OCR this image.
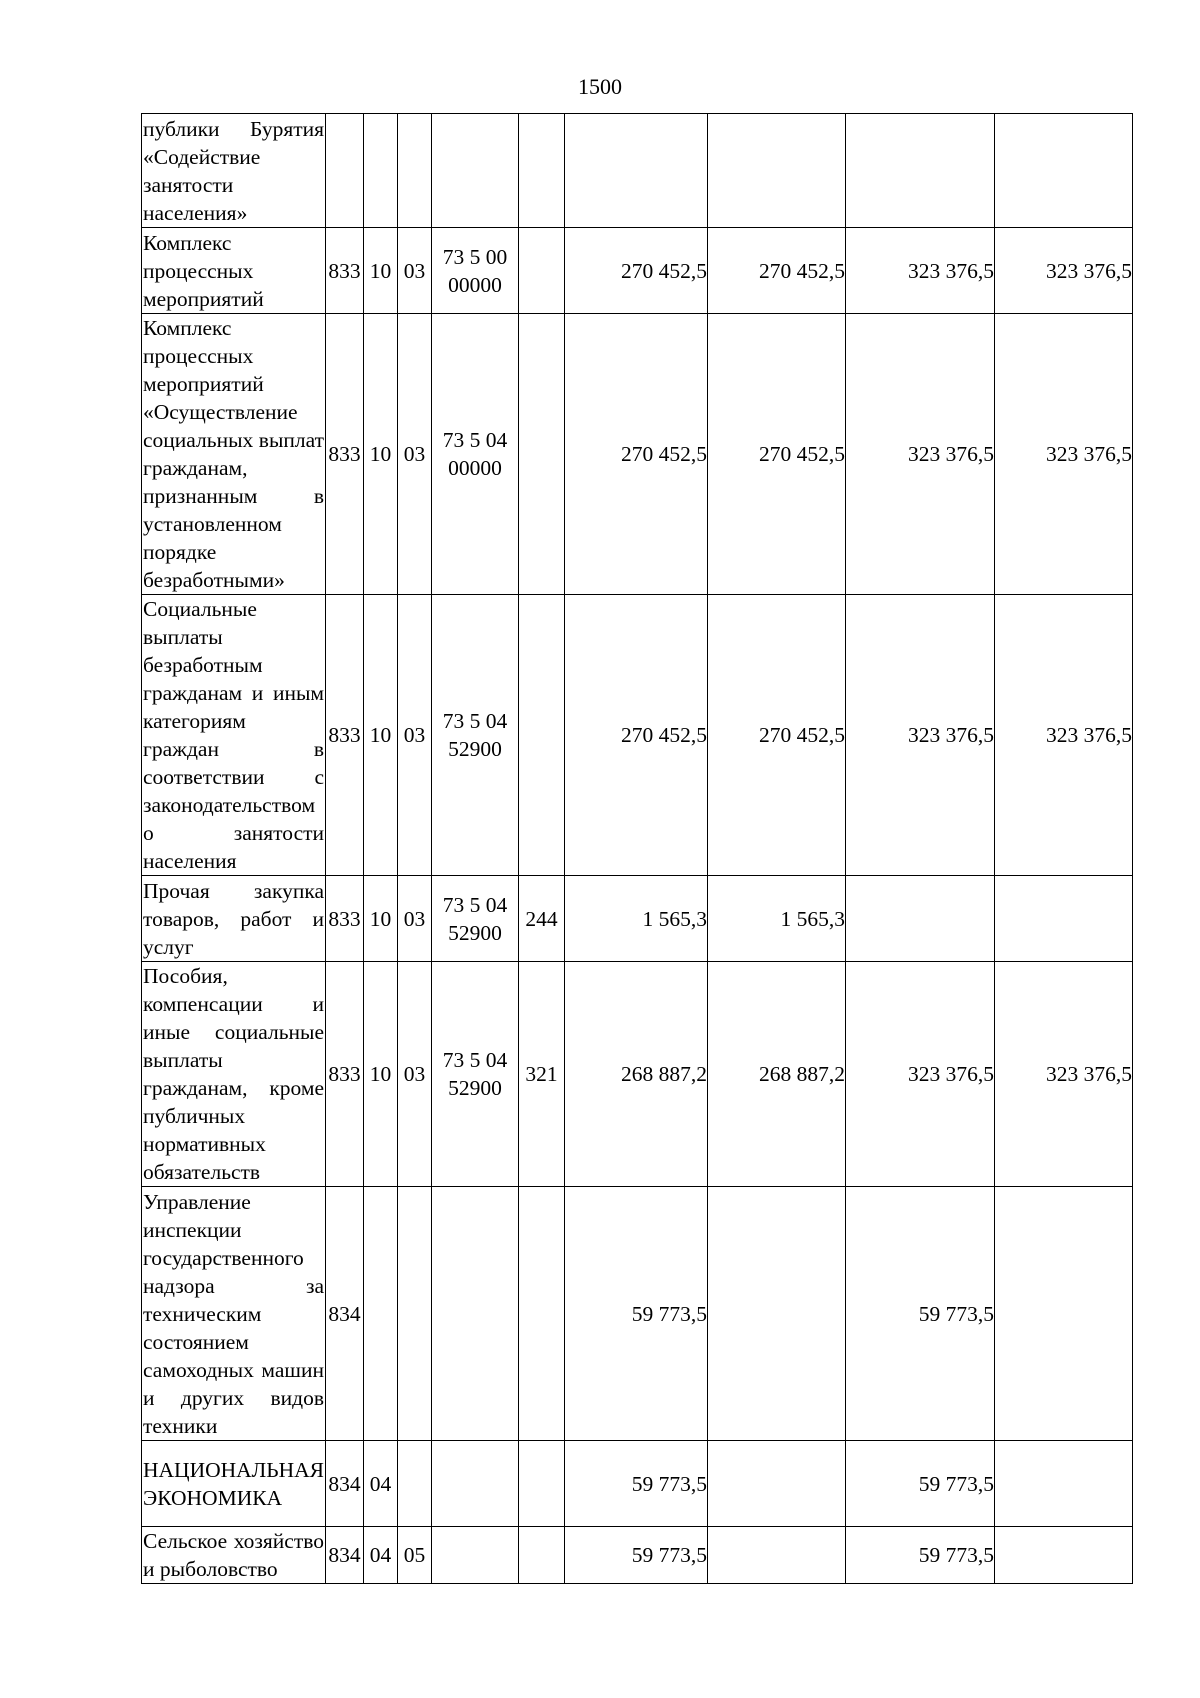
1500
публики Бурятия «Содействие занятости населения»									
Комплекс процессных мероприятий	833	10	03	73 5 00 00000		270 452,5	270 452,5	323 376,5	323 376,5
Комплекс процессных мероприятий «Осуществление социальных выплат гражданам, признанным в установленном порядке безработными»	833	10	03	73 5 04 00000		270 452,5	270 452,5	323 376,5	323 376,5
Социальные выплаты безработным гражданам и иным категориям граждан в соответствии с законодательством о занятости населения	833	10	03	73 5 04 52900		270 452,5	270 452,5	323 376,5	323 376,5
Прочая закупка товаров, работ и услуг	833	10	03	73 5 04 52900	244	1 565,3	1 565,3		
Пособия, компенсации и иные социальные выплаты гражданам, кроме публичных нормативных обязательств	833	10	03	73 5 04 52900	321	268 887,2	268 887,2	323 376,5	323 376,5
Управление инспекции государственного надзора за техническим состоянием самоходных машин и других видов техники	834					59 773,5		59 773,5	
НАЦИОНАЛЬНАЯ ЭКОНОМИКА	834	04				59 773,5		59 773,5	
Сельское хозяйство и рыболовство	834	04	05			59 773,5		59 773,5	
